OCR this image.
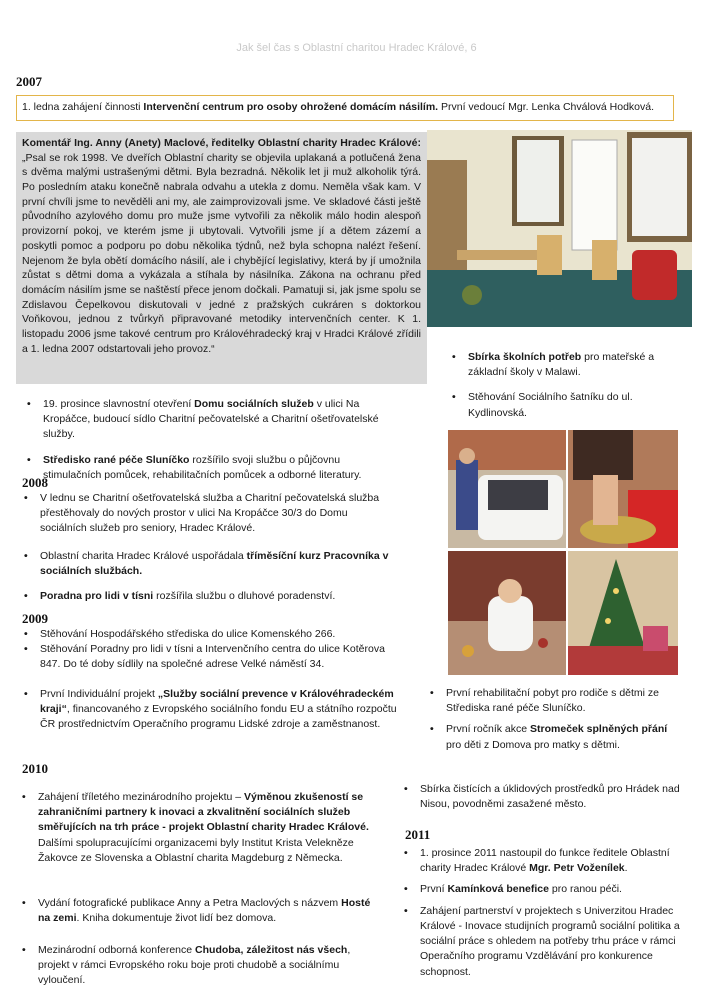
Jak šel čas s Oblastní charitou Hradec Králové, 6
2007
1. ledna zahájení činnosti Intervenční centrum pro osoby ohrožené domácím násilím. První vedoucí Mgr. Lenka Chválová Hodková.
Komentář Ing. Anny (Anety) Maclové, ředitelky Oblastní charity Hradec Králové: „Psal se rok 1998. Ve dveřích Oblastní charity se objevila uplakaná a potlučená žena s dvěma malými ustrašenými dětmi. Byla bezradná. Několik let ji muž alkoholik týrá. Po posledním ataku konečně nabrala odvahu a utekla z domu. Neměla však kam. V první chvíli jsme to nevěděli ani my, ale zaimprovizovali jsme. Ve skladové části ještě původního azylového domu pro muže jsme vytvořili za několik málo hodin alespoň provizorní pokoj, ve kterém jsme ji ubytovali. Vytvořili jsme jí a dětem zázemí a poskytli pomoc a podporu po dobu několika týdnů, než byla schopna nalézt řešení. Nejenom že byla obětí domácího násilí, ale i chybějící legislativy, která by jí umožnila zůstat s dětmi doma a vykázala a stíhala by násilníka. Zákona na ochranu před domácím násilím jsme se naštěstí přece jenom dočkali. Pamatuji si, jak jsme spolu se Zdislavou Čepelkovou diskutovali v jedné z pražských cukráren s doktorkou Voňkovou, jednou z tvůrkyň připravované metodiky intervenčních center. K 1. listopadu 2006 jsme takové centrum pro Královéhradecký kraj v Hradci Králové zřídili a 1. ledna 2007 odstartovali jeho provoz.“
• Sbírka školních potřeb pro mateřské a základní školy v Malawi.
• Stěhování Sociálního šatníku do ul. Kydlinovská.
• 19. prosince slavnostní otevření Domu sociálních služeb v ulici Na Kropáčce, budoucí sídlo Charitní pečovatelské a Charitní ošetřovatelské služby.
• Středisko rané péče Sluníčko rozšířilo svoji službu o půjčovnu stimulačních pomůcek, rehabilitačních pomůcek a odborné literatury.
2008
• V lednu se Charitní ošetřovatelská služba a Charitní pečovatelská služba přestěhovaly do nových prostor v ulici Na Kropáčce 30/3 do Domu sociálních služeb pro seniory, Hradec Králové.
• Oblastní charita Hradec Králové uspořádala tříměsíční kurz Pracovníka v sociálních službách.
• Poradna pro lidi v tísni rozšířila službu o dluhové poradenství.
2009
• Stěhování Hospodářského střediska do ulice Komenského 266.
• Stěhování Poradny pro lidi v tísni a Intervenčního centra do ulice Kotěrova 847. Do té doby sídlily na společné adrese Velké náměstí 34.
• První Individuální projekt „Služby sociální prevence v Královéhradeckém kraji“, financovaného z Evropského sociálního fondu EU a státního rozpočtu ČR prostřednictvím Operačního programu Lidské zdroje a zaměstnanost.
• První rehabilitační pobyt pro rodiče s dětmi ze Střediska rané péče Sluníčko.
• První ročník akce Stromeček splněných přání pro děti z Domova pro matky s dětmi.
2010
• Zahájení tříletého mezinárodního projektu – Výměnou zkušeností se zahraničními partnery k inovaci a zkvalitnění sociálních služeb směřujících na trh práce - projekt Oblastní charity Hradec Králové. Dalšími spolupracujícími organizacemi byly Institut Krista Velekněze Žakovce ze Slovenska a Oblastní charita Magdeburg z Německa.
• Vydání fotografické publikace Anny a Petra Maclových s názvem Hosté na zemi. Kniha dokumentuje život lidí bez domova.
• Mezinárodní odborná konference Chudoba, záležitost nás všech, projekt v rámci Evropského roku boje proti chudobě a sociálnímu vyloučení.
• Sbírka čistících a úklidových prostředků pro Hrádek nad Nisou, povodněmi zasažené město.
2011
• 1. prosince 2011 nastoupil do funkce ředitele Oblastní charity Hradec Králové Mgr. Petr Voženílek.
• První Kamínková benefice pro ranou péči.
• Zahájení partnerství v projektech s Univerzitou Hradec Králové - Inovace studijních programů sociální politika a sociální práce s ohledem na potřeby trhu práce v rámci Operačního programu Vzdělávání pro konkurence schopnost.
